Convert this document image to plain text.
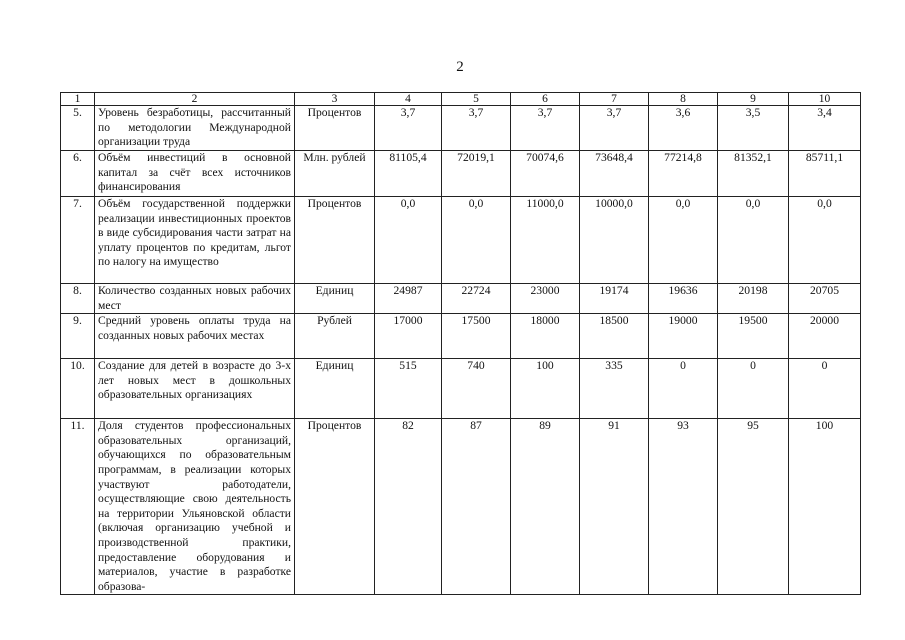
2
1	2	3	4	5	6	7	8	9	10
5.	Уровень безработицы, рассчитанный по методологии Международной организации труда	Процентов	3,7	3,7	3,7	3,7	3,6	3,5	3,4
6.	Объём инвестиций в основной капитал за счёт всех источников финансирования	Млн. рублей	81105,4	72019,1	70074,6	73648,4	77214,8	81352,1	85711,1
7.	Объём государственной поддержки реализации инвестиционных проектов в виде субсидирования части затрат на уплату процентов по кредитам, льгот по налогу на имущество	Процентов	0,0	0,0	11000,0	10000,0	0,0	0,0	0,0
8.	Количество созданных новых рабочих мест	Единиц	24987	22724	23000	19174	19636	20198	20705
9.	Средний уровень оплаты труда на созданных новых рабочих местах	Рублей	17000	17500	18000	18500	19000	19500	20000
10.	Создание для детей в возрасте до 3-х лет новых мест в дошкольных образовательных организациях	Единиц	515	740	100	335	0	0	0
11.	Доля студентов профессиональных образовательных организаций, обучающихся по образовательным программам, в реализации которых участвуют работодатели, осуществляющие свою деятельность на территории Ульяновской области (включая организацию учебной и производственной практики, предоставление оборудования и материалов, участие в разработке образова-	Процентов	82	87	89	91	93	95	100
